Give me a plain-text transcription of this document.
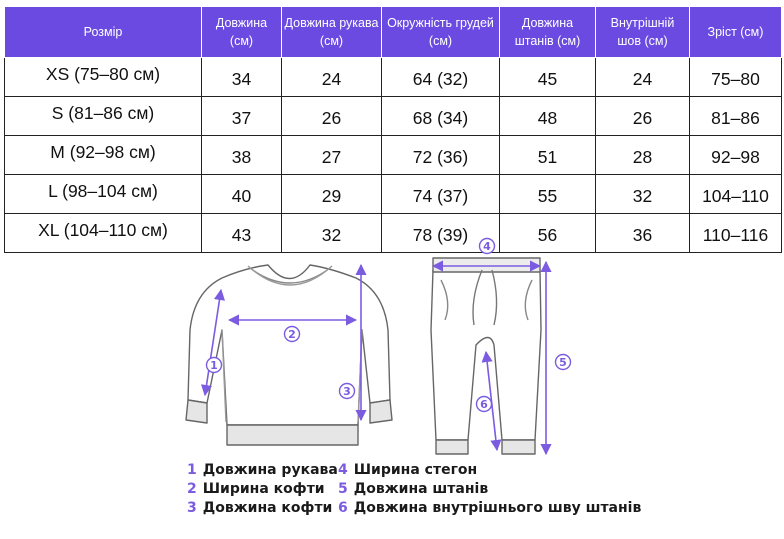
Розмір	Довжина (см)	Довжина рукава (см)	Окружність грудей (см)	Довжина штанів (см)	Внутрішній шов (см)	Зріст (см)
XS (75–80 см)	34	24	64 (32)	45	24	75–80
S (81–86 см)	37	26	68 (34)	48	26	81–86
M (92–98 см)	38	27	72 (36)	51	28	92–98
L (98–104 см)	40	29	74 (37)	55	32	104–110
XL (104–110 см)	43	32	78 (39)	56	36	110–116
1
2
3
4
5
6
1 Довжина рукава
2 Ширина кофти
3 Довжина кофти
4 Ширина стегон
5 Довжина штанів
6 Довжина внутрішнього шву штанів
